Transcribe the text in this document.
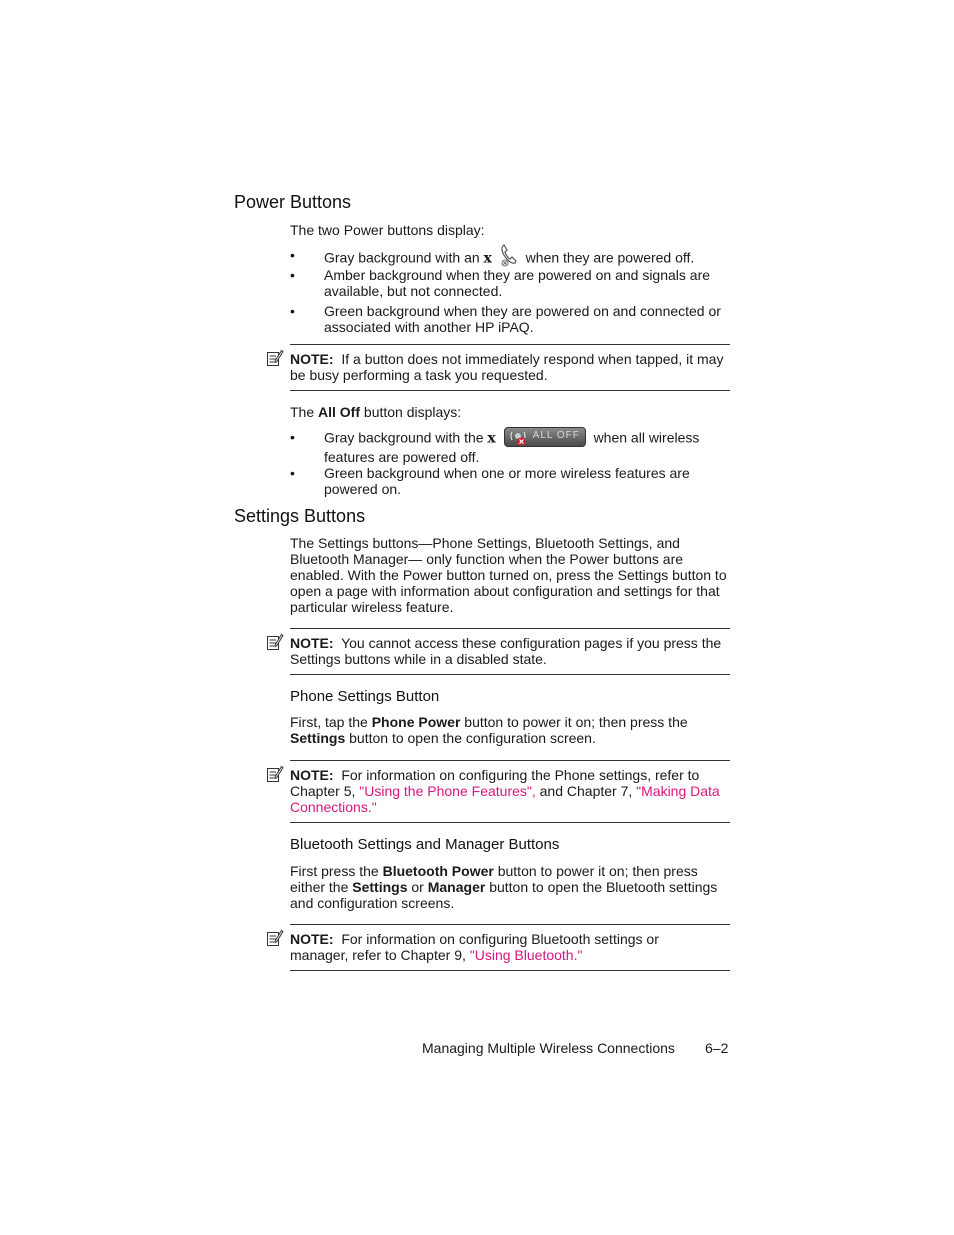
Power Buttons

The two Power buttons display:

• Gray background with an x  when they are powered off.
• Amber background when they are powered on and signals are available, but not connected.
• Green background when they are powered on and connected or associated with another HP iPAQ.
NOTE: If a button does not immediately respond when tapped, it may be busy performing a task you requested.

The All Off button displays:

• Gray background with the x	ALL OFF when all wireless features are powered off.
• Green background when one or more wireless features are powered on.
Settings Buttons

The Settings buttons—Phone Settings, Bluetooth Settings, and Bluetooth Manager— only function when the Power buttons are enabled. With the Power button turned on, press the Settings button to open a page with information about configuration and settings for that particular wireless feature.

NOTE: You cannot access these configuration pages if you press the Settings buttons while in a disabled state.
Phone Settings Button

First, tap the Phone Power button to power it on; then press the Settings button to open the configuration screen.

NOTE: For information on configuring the Phone settings, refer to Chapter 5, "Using the Phone Features", and Chapter 7, "Making Data Connections."
Bluetooth Settings and Manager Buttons

First press the Bluetooth Power button to power it on; then press either the Settings or Manager button to open the Bluetooth settings and configuration screens.

NOTE: For information on configuring Bluetooth settings or manager, refer to Chapter 9, "Using Bluetooth."
Managing Multiple Wireless Connections 6–2
